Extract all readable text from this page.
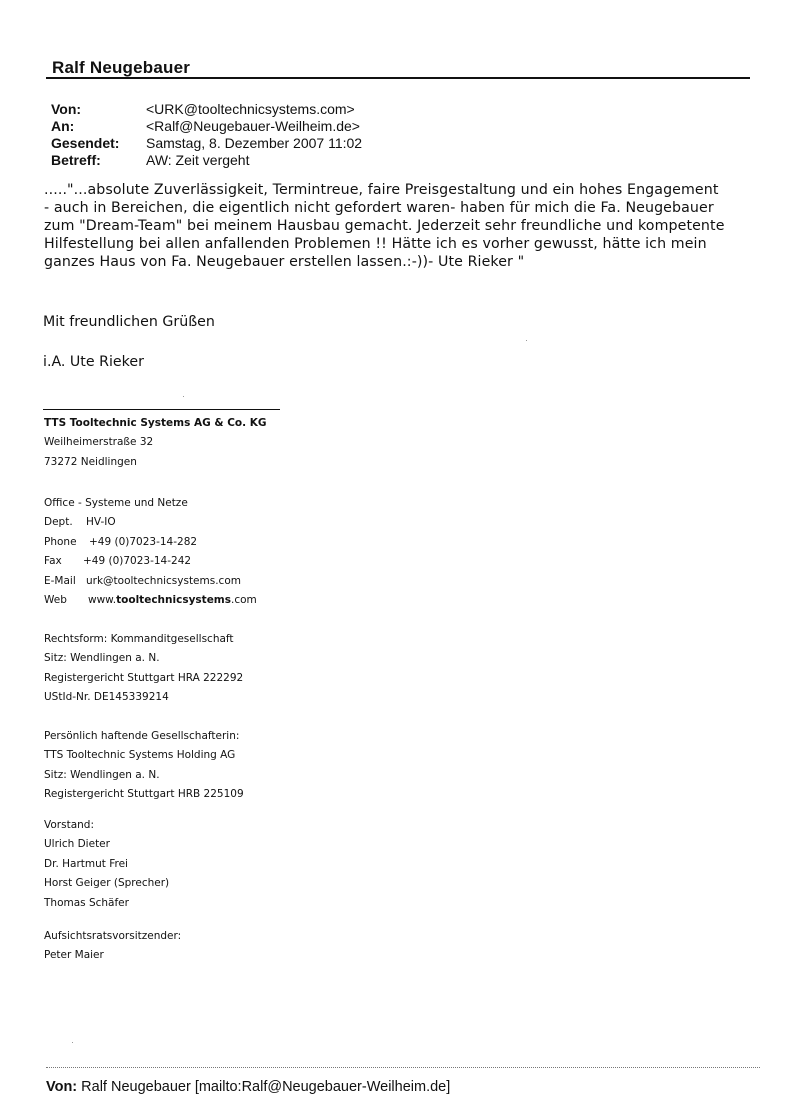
Ralf Neugebauer
Von:	<URK@tooltechnicsystems.com>
An:	<Ralf@Neugebauer-Weilheim.de>
Gesendet:	Samstag, 8. Dezember 2007 11:02
Betreff:	AW: Zeit vergeht

....."...absolute Zuverlässigkeit, Termintreue, faire Preisgestaltung und ein hohes Engagement

- auch in Bereichen, die eigentlich nicht gefordert waren- haben für mich die Fa. Neugebauer

zum "Dream-Team" bei meinem Hausbau gemacht. Jederzeit sehr freundliche und kompetente

Hilfestellung bei allen anfallenden Problemen !! Hätte ich es vorher gewusst, hätte ich mein

ganzes Haus von Fa. Neugebauer erstellen lassen.:-))- Ute Rieker "

Mit freundlichen Grüßen
i.A. Ute Rieker
TTS Tooltechnic Systems AG & Co. KG
Weilheimerstraße 32
73272 Neidlingen
Office - Systeme und Netze
Dept. HV-IO
Phone +49 (0)7023-14-282
Fax +49 (0)7023-14-242
E-Mail urk@tooltechnicsystems.com
Web www.tooltechnicsystems.com
Rechtsform: Kommanditgesellschaft
Sitz: Wendlingen a. N.
Registergericht Stuttgart HRA 222292
UStId-Nr. DE145339214
Persönlich haftende Gesellschafterin:
TTS Tooltechnic Systems Holding AG
Sitz: Wendlingen a. N.
Registergericht Stuttgart HRB 225109
Vorstand:
Ulrich Dieter
Dr. Hartmut Frei
Horst Geiger (Sprecher)
Thomas Schäfer
Aufsichtsratsvorsitzender:
Peter Maier
Von: Ralf Neugebauer [mailto:Ralf@Neugebauer-Weilheim.de]
